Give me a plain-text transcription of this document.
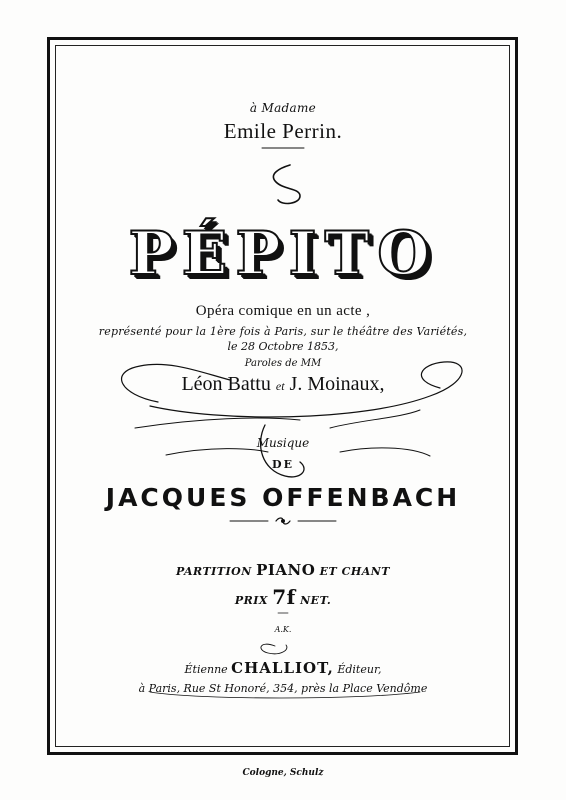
à Madame
Emile Perrin.
PÉPITO
Opéra comique en un acte ,
représenté pour la 1ère fois à Paris, sur le théâtre des Variétés,
le 28 Octobre 1853,
Paroles de MM
Léon Battu et J. Moinaux,
Musique
DE
JACQUES OFFENBACH
PARTITION PIANO ET CHANT
PRIX 7f NET.
A.K.
Étienne CHALLIOT, Éditeur,
à Paris, Rue St Honoré, 354, près la Place Vendôme
Cologne, Schulz
